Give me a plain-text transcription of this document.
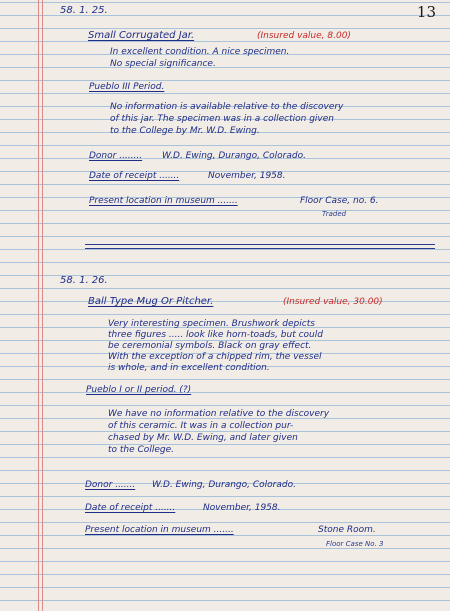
13
58. 1. 25.
Small Corrugated Jar.	(Insured value, 8.00)
In excellent condition. A nice specimen.
No special significance.
Pueblo III Period.
No information is available relative to the discovery
of this jar. The specimen was in a collection given
to the College by Mr. W.D. Ewing.
Donor ........ W.D. Ewing, Durango, Colorado.
Date of receipt .......	November, 1958.
Present location in museum .......	Floor Case, no. 6.
Traded
58. 1. 26.
Ball Type Mug Or Pitcher.	(Insured value, 30.00)
Very interesting specimen. Brushwork depicts
three figures ..... look like horn-toads, but could
be ceremonial symbols. Black on gray effect.
With the exception of a chipped rim, the vessel
is whole, and in excellent condition.
Pueblo I or II period. (?)
We have no information relative to the discovery
of this ceramic. It was in a collection pur-
chased by Mr. W.D. Ewing, and later given
to the College.
Donor ....... W.D. Ewing, Durango, Colorado.
Date of receipt .......	November, 1958.
Present location in museum .......	Stone Room.
Floor Case No. 3
